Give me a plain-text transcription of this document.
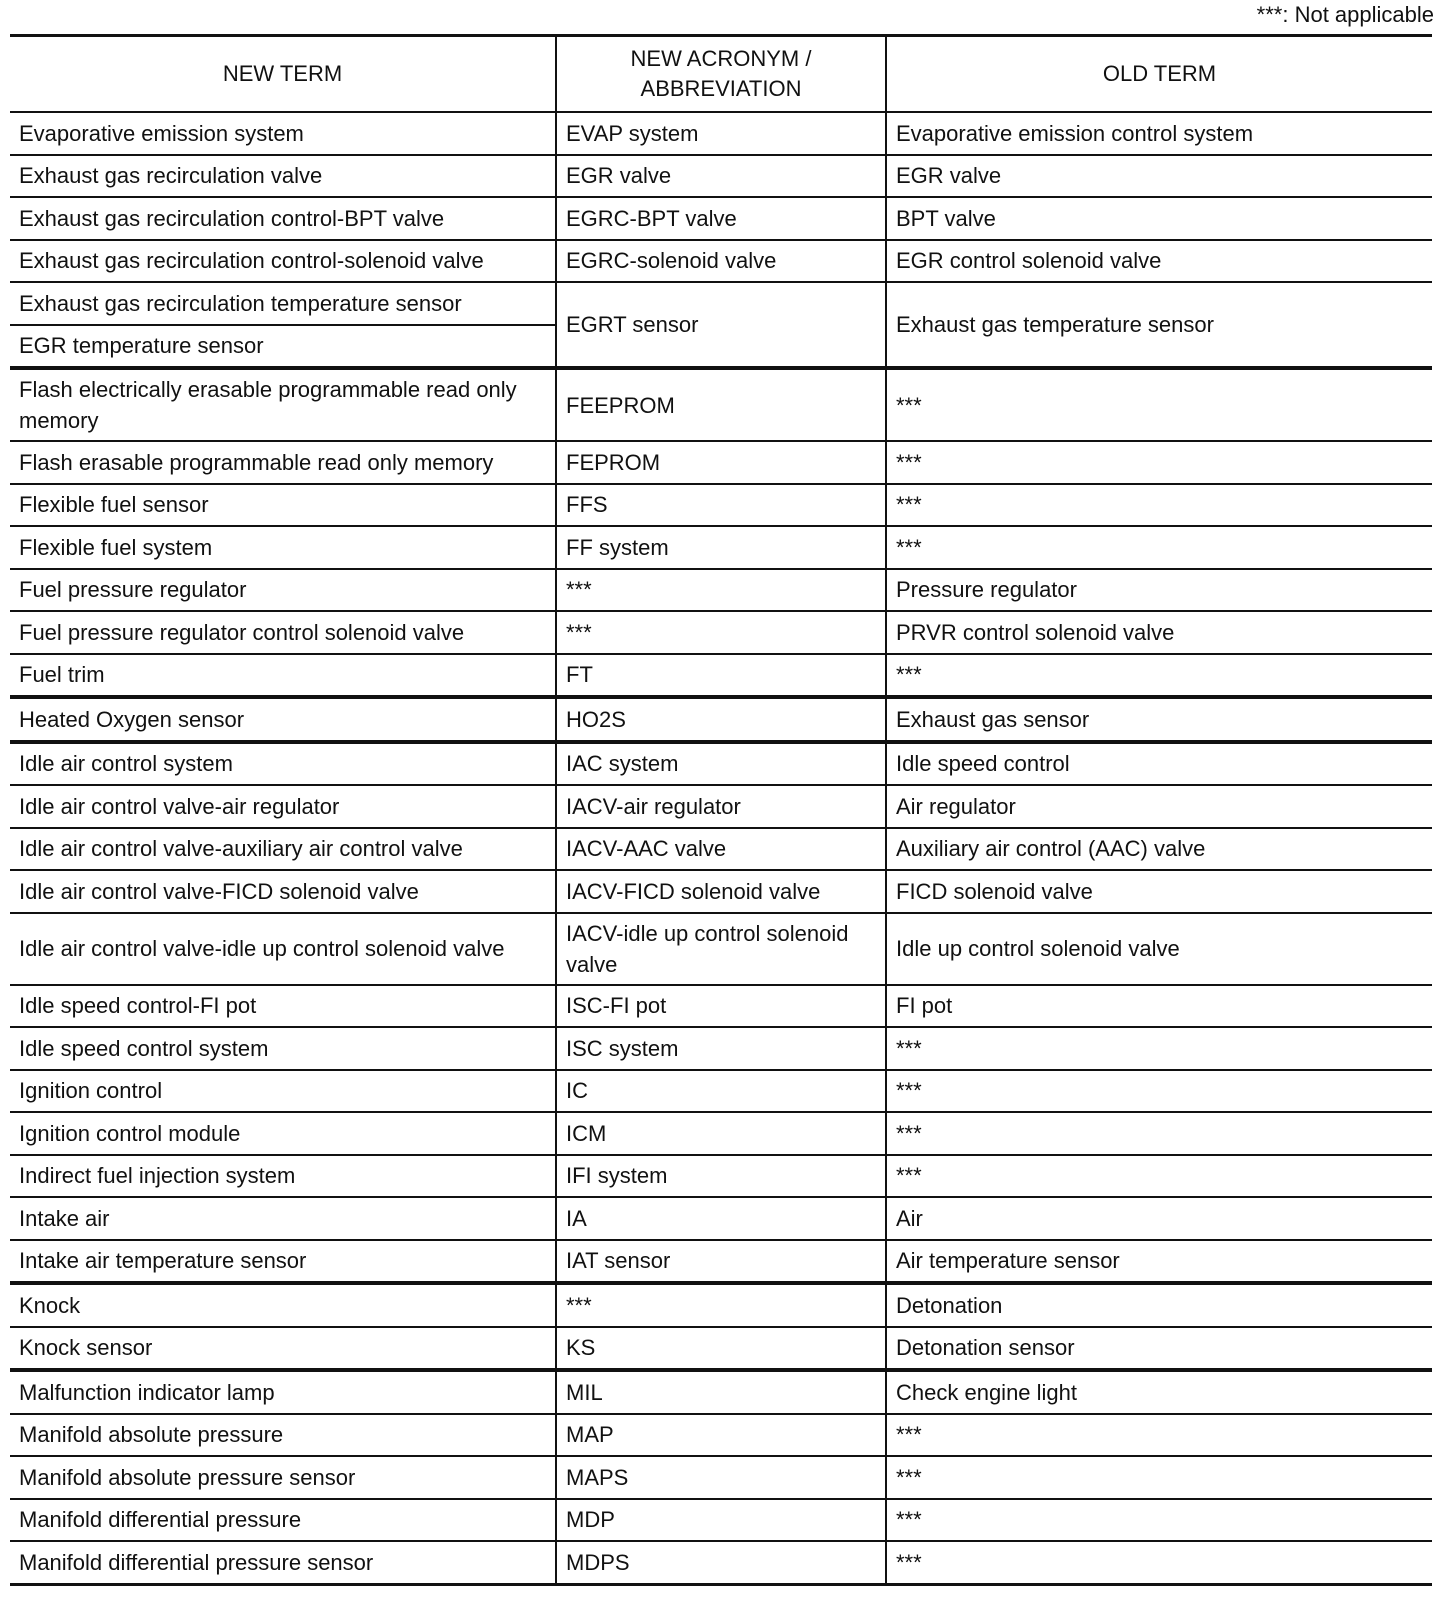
***: Not applicable
NEW TERM	NEW ACRONYM / ABBREVIATION	OLD TERM
Evaporative emission system	EVAP system	Evaporative emission control system
Exhaust gas recirculation valve	EGR valve	EGR valve
Exhaust gas recirculation control-BPT valve	EGRC-BPT valve	BPT valve
Exhaust gas recirculation control-solenoid valve	EGRC-solenoid valve	EGR control solenoid valve
Exhaust gas recirculation temperature sensor	EGRT sensor	Exhaust gas temperature sensor
EGR temperature sensor		
Flash electrically erasable programmable read only memory	FEEPROM	***
Flash erasable programmable read only memory	FEPROM	***
Flexible fuel sensor	FFS	***
Flexible fuel system	FF system	***
Fuel pressure regulator	***	Pressure regulator
Fuel pressure regulator control solenoid valve	***	PRVR control solenoid valve
Fuel trim	FT	***
Heated Oxygen sensor	HO2S	Exhaust gas sensor
Idle air control system	IAC system	Idle speed control
Idle air control valve-air regulator	IACV-air regulator	Air regulator
Idle air control valve-auxiliary air control valve	IACV-AAC valve	Auxiliary air control (AAC) valve
Idle air control valve-FICD solenoid valve	IACV-FICD solenoid valve	FICD solenoid valve
Idle air control valve-idle up control solenoid valve	IACV-idle up control solenoid valve	Idle up control solenoid valve
Idle speed control-FI pot	ISC-FI pot	FI pot
Idle speed control system	ISC system	***
Ignition control	IC	***
Ignition control module	ICM	***
Indirect fuel injection system	IFI system	***
Intake air	IA	Air
Intake air temperature sensor	IAT sensor	Air temperature sensor
Knock	***	Detonation
Knock sensor	KS	Detonation sensor
Malfunction indicator lamp	MIL	Check engine light
Manifold absolute pressure	MAP	***
Manifold absolute pressure sensor	MAPS	***
Manifold differential pressure	MDP	***
Manifold differential pressure sensor	MDPS	***
